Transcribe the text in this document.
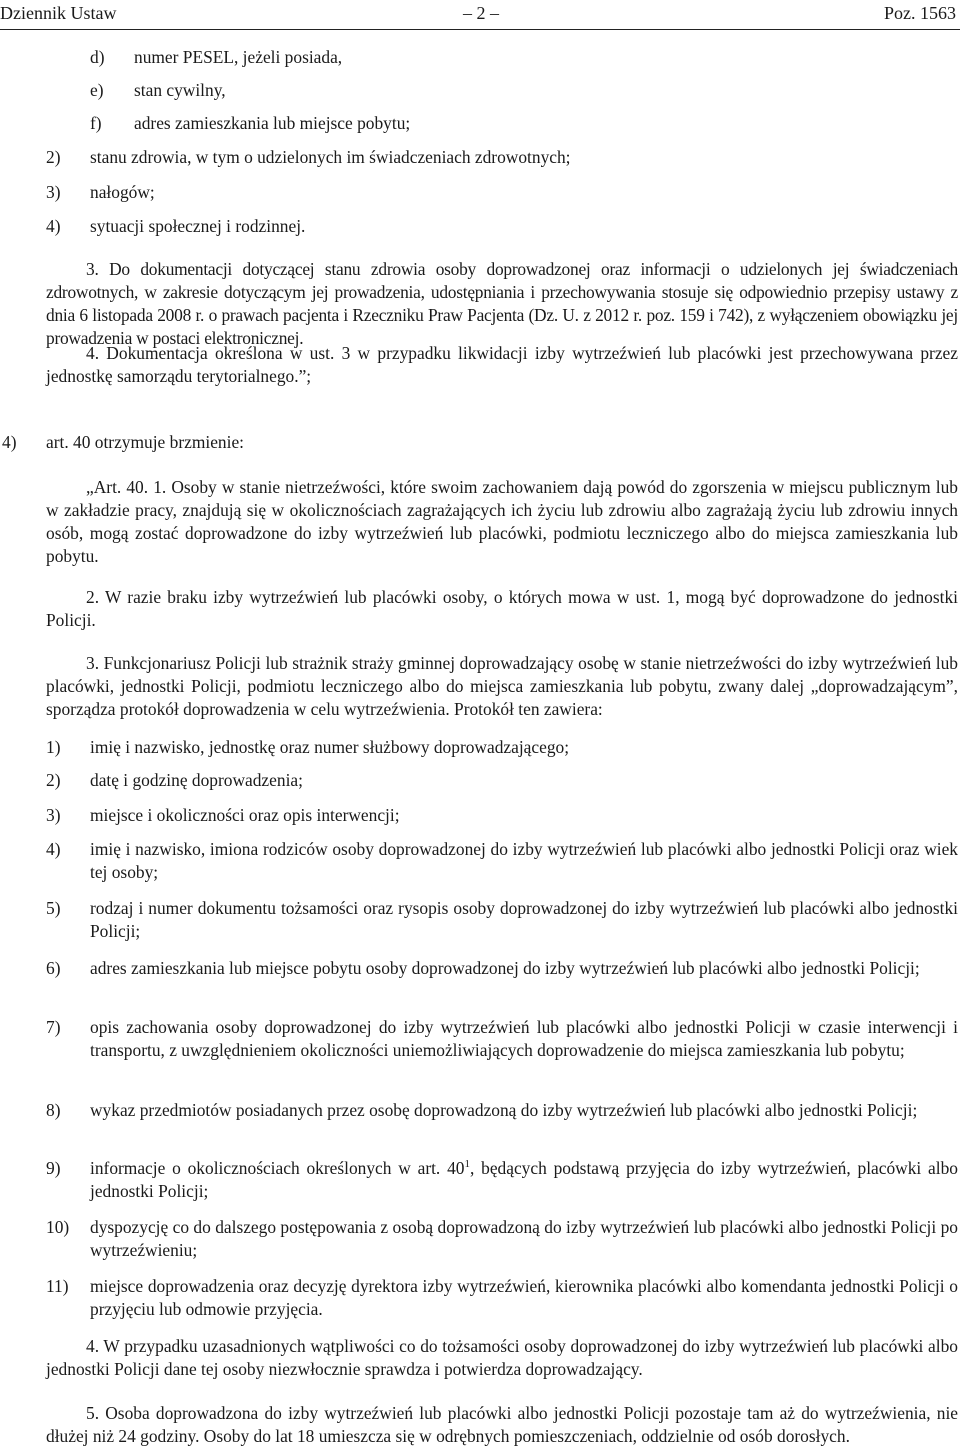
Dziennik Ustaw	– 2 –	Poz. 1563
d) numer PESEL, jeżeli posiada,
e) stan cywilny,
f) adres zamieszkania lub miejsce pobytu;
2) stanu zdrowia, w tym o udzielonych im świadczeniach zdrowotnych;
3) nałogów;
4) sytuacji społecznej i rodzinnej.
3. Do dokumentacji dotyczącej stanu zdrowia osoby doprowadzonej oraz informacji o udzielonych jej świadczeniach zdrowotnych, w zakresie dotyczącym jej prowadzenia, udostępniania i przechowywania stosuje się odpowiednio przepisy ustawy z dnia 6 listopada 2008 r. o prawach pacjenta i Rzeczniku Praw Pacjenta (Dz. U. z 2012 r. poz. 159 i 742), z wyłączeniem obowiązku jej prowadzenia w postaci elektronicznej.
4. Dokumentacja określona w ust. 3 w przypadku likwidacji izby wytrzeźwień lub placówki jest przechowywana przez jednostkę samorządu terytorialnego.”;
4) art. 40 otrzymuje brzmienie:
„Art. 40. 1. Osoby w stanie nietrzeźwości, które swoim zachowaniem dają powód do zgorszenia w miejscu publicznym lub w zakładzie pracy, znajdują się w okolicznościach zagrażających ich życiu lub zdrowiu albo zagrażają życiu lub zdrowiu innych osób, mogą zostać doprowadzone do izby wytrzeźwień lub placówki, podmiotu leczniczego albo do miejsca zamieszkania lub pobytu.
2. W razie braku izby wytrzeźwień lub placówki osoby, o których mowa w ust. 1, mogą być doprowadzone do jednostki Policji.
3. Funkcjonariusz Policji lub strażnik straży gminnej doprowadzający osobę w stanie nietrzeźwości do izby wytrzeźwień lub placówki, jednostki Policji, podmiotu leczniczego albo do miejsca zamieszkania lub pobytu, zwany dalej „doprowadzającym”, sporządza protokół doprowadzenia w celu wytrzeźwienia. Protokół ten zawiera:
1) imię i nazwisko, jednostkę oraz numer służbowy doprowadzającego;
2) datę i godzinę doprowadzenia;
3) miejsce i okoliczności oraz opis interwencji;
4) imię i nazwisko, imiona rodziców osoby doprowadzonej do izby wytrzeźwień lub placówki albo jednostki Policji oraz wiek tej osoby;
5) rodzaj i numer dokumentu tożsamości oraz rysopis osoby doprowadzonej do izby wytrzeźwień lub placówki albo jednostki Policji;
6) adres zamieszkania lub miejsce pobytu osoby doprowadzonej do izby wytrzeźwień lub placówki albo jednostki Policji;
7) opis zachowania osoby doprowadzonej do izby wytrzeźwień lub placówki albo jednostki Policji w czasie interwencji i transportu, z uwzględnieniem okoliczności uniemożliwiających doprowadzenie do miejsca zamieszkania lub pobytu;
8) wykaz przedmiotów posiadanych przez osobę doprowadzoną do izby wytrzeźwień lub placówki albo jednostki Policji;
9) informacje o okolicznościach określonych w art. $40^1$, będących podstawą przyjęcia do izby wytrzeźwień, placówki albo jednostki Policji;
10) dyspozycję co do dalszego postępowania z osobą doprowadzoną do izby wytrzeźwień lub placówki albo jednostki Policji po wytrzeźwieniu;
11) miejsce doprowadzenia oraz decyzję dyrektora izby wytrzeźwień, kierownika placówki albo komendanta jednostki Policji o przyjęciu lub odmowie przyjęcia.
4. W przypadku uzasadnionych wątpliwości co do tożsamości osoby doprowadzonej do izby wytrzeźwień lub placówki albo jednostki Policji dane tej osoby niezwłocznie sprawdza i potwierdza doprowadzający.
5. Osoba doprowadzona do izby wytrzeźwień lub placówki albo jednostki Policji pozostaje tam aż do wytrzeźwienia, nie dłużej niż 24 godziny. Osoby do lat 18 umieszcza się w odrębnych pomieszczeniach, oddzielnie od osób dorosłych.
